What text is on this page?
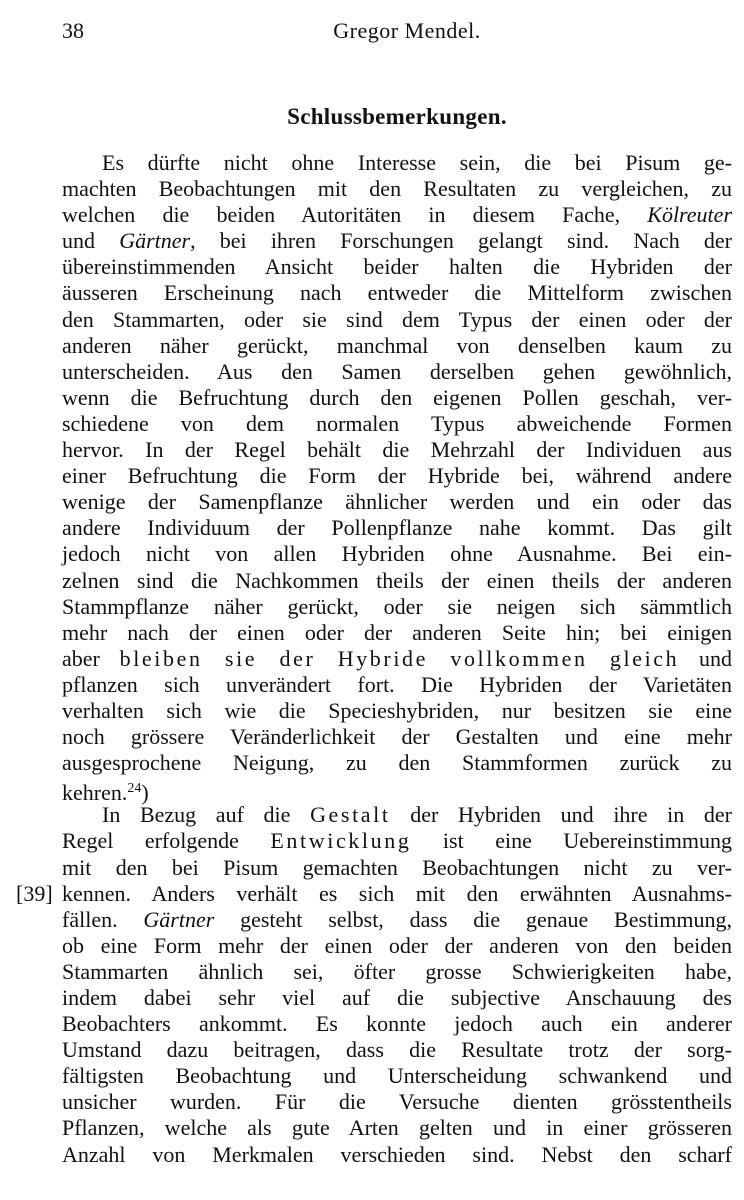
38	Gregor Mendel.
Schlussbemerkungen.
Es dürfte nicht ohne Interesse sein, die bei Pisum ge-
machten Beobachtungen mit den Resultaten zu vergleichen, zu
welchen die beiden Autoritäten in diesem Fache, Kölreuter
und Gärtner, bei ihren Forschungen gelangt sind. Nach der
übereinstimmenden Ansicht beider halten die Hybriden der
äusseren Erscheinung nach entweder die Mittelform zwischen
den Stammarten, oder sie sind dem Typus der einen oder der
anderen näher gerückt, manchmal von denselben kaum zu
unterscheiden. Aus den Samen derselben gehen gewöhnlich,
wenn die Befruchtung durch den eigenen Pollen geschah, ver-
schiedene von dem normalen Typus abweichende Formen
hervor. In der Regel behält die Mehrzahl der Individuen aus
einer Befruchtung die Form der Hybride bei, während andere
wenige der Samenpflanze ähnlicher werden und ein oder das
andere Individuum der Pollenpflanze nahe kommt. Das gilt
jedoch nicht von allen Hybriden ohne Ausnahme. Bei ein-
zelnen sind die Nachkommen theils der einen theils der anderen
Stammpflanze näher gerückt, oder sie neigen sich sämmtlich
mehr nach der einen oder der anderen Seite hin; bei einigen
aber bleiben sie der Hybride vollkommen gleich und
pflanzen sich unverändert fort. Die Hybriden der Varietäten
verhalten sich wie die Specieshybriden, nur besitzen sie eine
noch grössere Veränderlichkeit der Gestalten und eine mehr
ausgesprochene Neigung, zu den Stammformen zurück zu
kehren.$^{24}$)
In Bezug auf die Gestalt der Hybriden und ihre in der
Regel erfolgende Entwicklung ist eine Uebereinstimmung
mit den bei Pisum gemachten Beobachtungen nicht zu ver-
kennen. Anders verhält es sich mit den erwähnten Ausnahms-
fällen. Gärtner gesteht selbst, dass die genaue Bestimmung,
ob eine Form mehr der einen oder der anderen von den beiden
Stammarten ähnlich sei, öfter grosse Schwierigkeiten habe,
indem dabei sehr viel auf die subjective Anschauung des
Beobachters ankommt. Es konnte jedoch auch ein anderer
Umstand dazu beitragen, dass die Resultate trotz der sorg-
fältigsten Beobachtung und Unterscheidung schwankend und
unsicher wurden. Für die Versuche dienten grösstentheils
Pflanzen, welche als gute Arten gelten und in einer grösseren
Anzahl von Merkmalen verschieden sind. Nebst den scharf
[39]
